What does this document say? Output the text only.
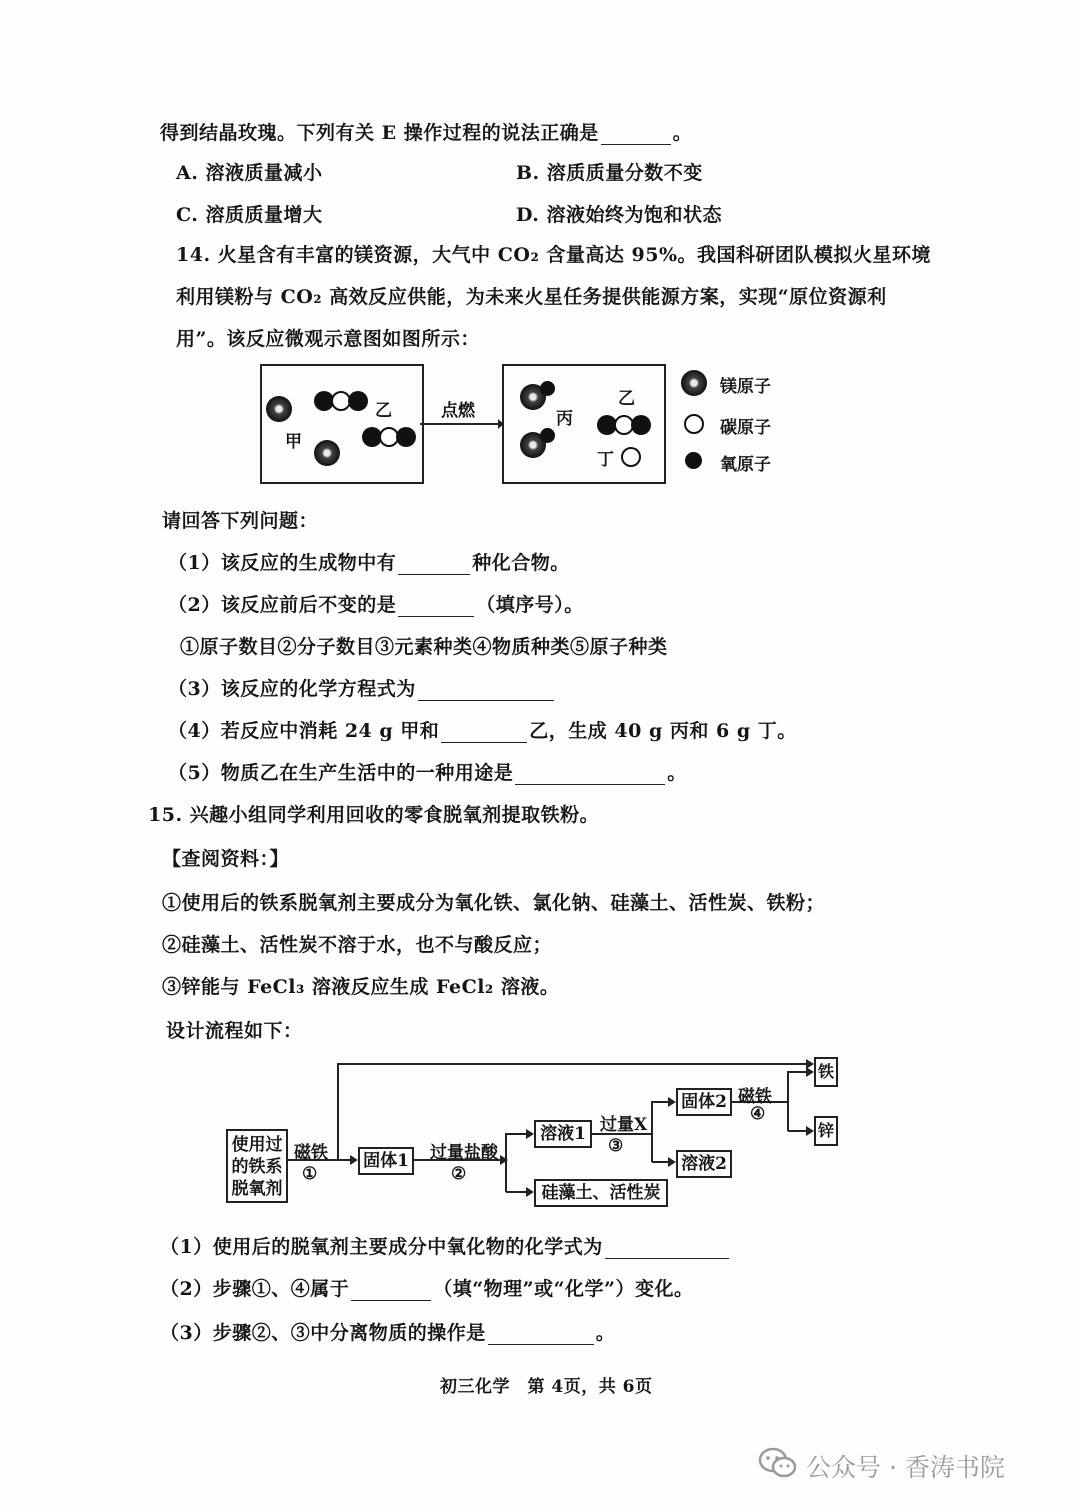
得到结晶玫瑰。下列有关 E 操作过程的说法正确是	。
A. 溶液质量减小	B. 溶质质量分数不变
C. 溶质质量增大	D. 溶液始终为饱和状态
14. 火星含有丰富的镁资源，大气中 CO₂ 含量高达 95%。我国科研团队模拟火星环境
利用镁粉与 CO₂ 高效反应供能，为未来火星任务提供能源方案，实现“原位资源利
用”。该反应微观示意图如图所示：
甲
乙	点燃	丙
乙
丁
镁原子
碳原子
氧原子
请回答下列问题：
（1）该反应的生成物中有	种化合物。
（2）该反应前后不变的是	（填序号）。
①原子数目②分子数目③元素种类④物质种类⑤原子种类
（3）该反应的化学方程式为
（4）若反应中消耗 24 g 甲和	乙，生成 40 g 丙和 6 g 丁。
（5）物质乙在生产生活中的一种用途是	。
15. 兴趣小组同学利用回收的零食脱氧剂提取铁粉。
【查阅资料：】
①使用后的铁系脱氧剂主要成分为氧化铁、氯化钠、硅藻土、活性炭、铁粉；
②硅藻土、活性炭不溶于水，也不与酸反应；
③锌能与 FeCl₃ 溶液反应生成 FeCl₂ 溶液。
设计流程如下：
使用过
的铁系
脱氧剂
磁铁
①
固体1 过量盐酸
②
溶液1
硅藻土、活性炭
过量X
③
固体2
溶液2
磁铁
④
铁
锌
（1）使用后的脱氧剂主要成分中氧化物的化学式为
（2）步骤①、④属于	（填“物理”或“化学”）变化。
（3）步骤②、③中分离物质的操作是	。
初三化学　第 4页，共 6页
公众号 · 香涛书院
